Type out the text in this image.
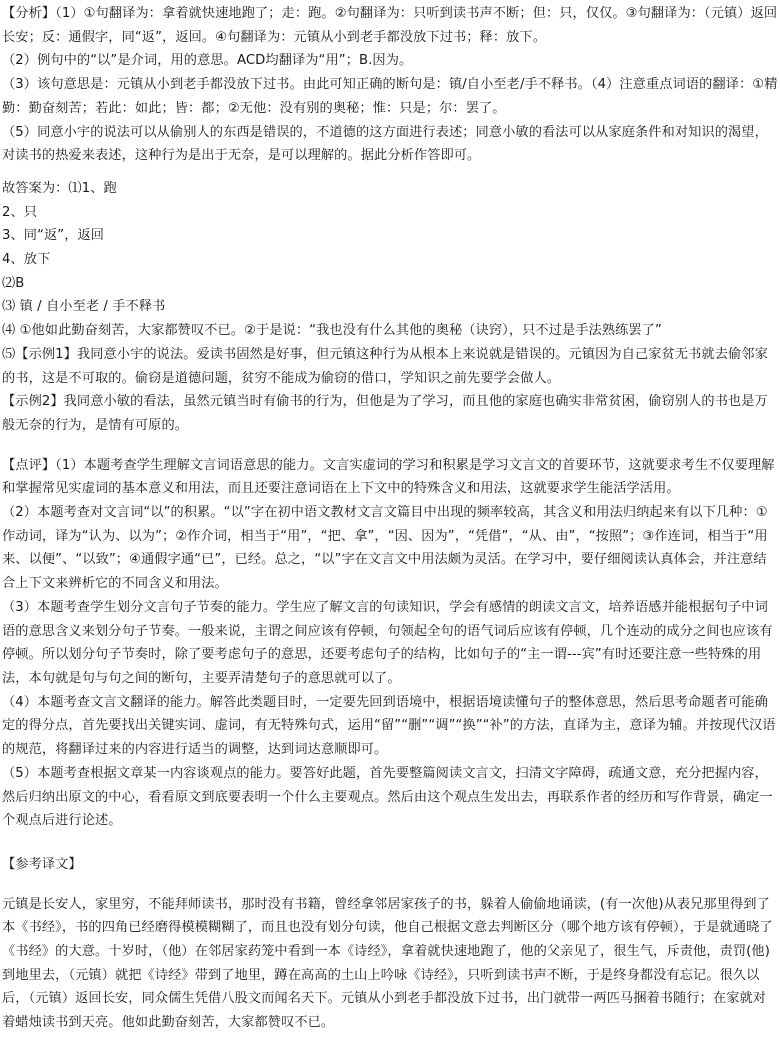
【分析】（1）①句翻译为：拿着就快速地跑了；走：跑。②句翻译为：只听到读书声不断；但：只，仅仅。③句翻译为：（元镇）返回长安；反：通假字，同“返”，返回。④句翻译为：元镇从小到老手都没放下过书；释：放下。

（2）例句中的“以”是介词，用的意思。ACD均翻译为“用”；B.因为。

（3）该句意思是：元镇从小到老手都没放下过书。由此可知正确的断句是：镇/自小至老/手不释书。（4）注意重点词语的翻译：①精勤：勤奋刻苦；若此：如此；皆：都；②无他：没有别的奥秘；惟：只是；尔：罢了。

（5）同意小宇的说法可以从偷别人的东西是错误的，不道德的这方面进行表述；同意小敏的看法可以从家庭条件和对知识的渴望，对读书的热爱来表述，这种行为是出于无奈，是可以理解的。据此分析作答即可。

故答案为：⑴1、跑

2、只

3、同“返”，返回

4、放下

⑵B

⑶ 镇 / 自小至老 / 手不释书

⑷ ①他如此勤奋刻苦，大家都赞叹不已。②于是说：“我也没有什么其他的奥秘（诀窍），只不过是手法熟练罢了”

⑸【示例1】我同意小宇的说法。爱读书固然是好事，但元镇这种行为从根本上来说就是错误的。元镇因为自己家贫无书就去偷邻家的书，这是不可取的。偷窃是道德问题，贫穷不能成为偷窃的借口，学知识之前先要学会做人。

【示例2】我同意小敏的看法，虽然元镇当时有偷书的行为，但他是为了学习，而且他的家庭也确实非常贫困，偷窃别人的书也是万般无奈的行为，是情有可原的。

【点评】（1）本题考查学生理解文言词语意思的能力。文言实虚词的学习和积累是学习文言文的首要环节，这就要求考生不仅要理解和掌握常见实虚词的基本意义和用法，而且还要注意词语在上下文中的特殊含义和用法，这就要求学生能活学活用。

（2）本题考查对文言词“以”的积累。“以”字在初中语文教材文言文篇目中出现的频率较高，其含义和用法归纳起来有以下几种：①作动词，译为“认为、以为”；②作介词，相当于“用”，“把、拿”，“因、因为”，“凭借”，“从、由”，“按照”；③作连词，相当于“用来、以便”、“以致”；④通假字通“已”，已经。总之，“以”字在文言文中用法颇为灵活。在学习中，要仔细阅读认真体会，并注意结合上下文来辨析它的不同含义和用法。

（3）本题考查学生划分文言句子节奏的能力。学生应了解文言的句读知识，学会有感情的朗读文言文，培养语感并能根据句子中词语的意思含义来划分句子节奏。一般来说，主谓之间应该有停顿，句领起全句的语气词后应该有停顿，几个连动的成分之间也应该有停顿。所以划分句子节奏时，除了要考虑句子的意思，还要考虑句子的结构，比如句子的“主一谓---宾”有时还要注意一些特殊的用法，本句就是句与句之间的断句，主要弄清楚句子的意思就可以了。

（4）本题考查文言文翻译的能力。解答此类题目时，一定要先回到语境中，根据语境读懂句子的整体意思，然后思考命题者可能确定的得分点，首先要找出关键实词、虚词，有无特殊句式，运用“留”“删”“调”“换”“补”的方法，直译为主，意译为辅。并按现代汉语的规范，将翻译过来的内容进行适当的调整，达到词达意顺即可。

（5）本题考查根据文章某一内容谈观点的能力。要答好此题，首先要整篇阅读文言文，扫清文字障碍，疏通文意，充分把握内容，然后归纳出原文的中心，看看原文到底要表明一个什么主要观点。然后由这个观点生发出去，再联系作者的经历和写作背景，确定一个观点后进行论述。

【参考译文】

元镇是长安人，家里穷，不能拜师读书，那时没有书籍，曾经拿邻居家孩子的书，躲着人偷偷地诵读，(有一次他)从表兄那里得到了本《书经》，书的四角已经磨得模模糊糊了，而且也没有划分句读，他自己根据文意去判断区分（哪个地方该有停顿），于是就通晓了《书经》的大意。十岁时，（他）在邻居家药笼中看到一本《诗经》，拿着就快速地跑了，他的父亲见了，很生气，斥责他，责罚(他)到地里去，（元镇）就把《诗经》带到了地里，蹲在高高的土山上吟咏《诗经》，只听到读书声不断，于是终身都没有忘记。很久以后，（元镇）返回长安，同众儒生凭借八股文而闻名天下。元镇从小到老手都没放下过书，出门就带一两匹马捆着书随行；在家就对着蜡烛读书到天亮。他如此勤奋刻苦，大家都赞叹不已。
